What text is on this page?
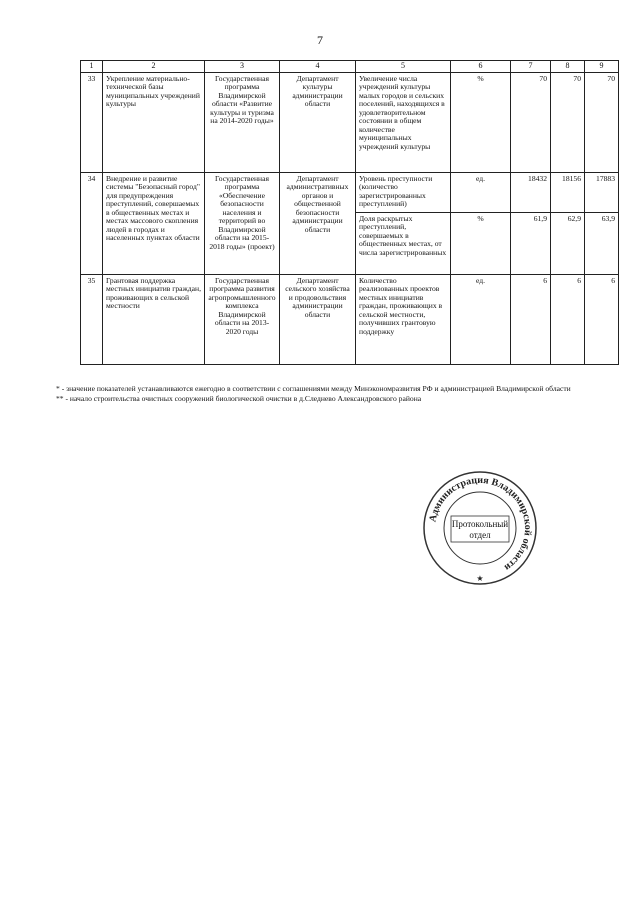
7
1	2	3	4	5	6	7	8	9
33	Укрепление материально-технической базы муниципальных учреждений культуры	Государственная программа Владимирской области «Развитие культуры и туризма на 2014-2020 годы»	Департамент культуры администрации области	Увеличение числа учреждений культуры малых городов и сельских поселений, находящихся в удовлетворительном состоянии в общем количестве муниципальных учреждений культуры	%	70	70	70
34	Внедрение и развитие системы "Безопасный город" для предупреждения преступлений, совершаемых в общественных местах и местах массового скопления людей в городах и населенных пунктах области	Государственная программа «Обеспечение безопасности населения и территорий во Владимирской области на 2015-2018 годы» (проект)	Департамент административных органов и общественной безопасности администрации области	Уровень преступности (количество зарегистрированных преступлений)	ед.	18432	18156	17883
				Доля раскрытых преступлений, совершаемых в общественных местах, от числа зарегистрированных	%	61,9	62,9	63,9
35	Грантовая поддержка местных инициатив граждан, проживающих в сельской местности	Государственная программа развития агропромышленного комплекса Владимирской области на 2013-2020 годы	Департамент сельского хозяйства и продовольствия администрации области	Количество реализованных проектов местных инициатив граждан, проживающих в сельской местности, получивших грантовую поддержку	ед.	6	6	6

* - значение показателей устанавливаются ежегодно в соответствии с соглашениями между Минэкономразвития РФ и администрацией Владимирской области

** - начало строительства очистных сооружений биологической очистки в д.Следнево Александровского района

Администрация Владимирской области
Протокольный
отдел
★
